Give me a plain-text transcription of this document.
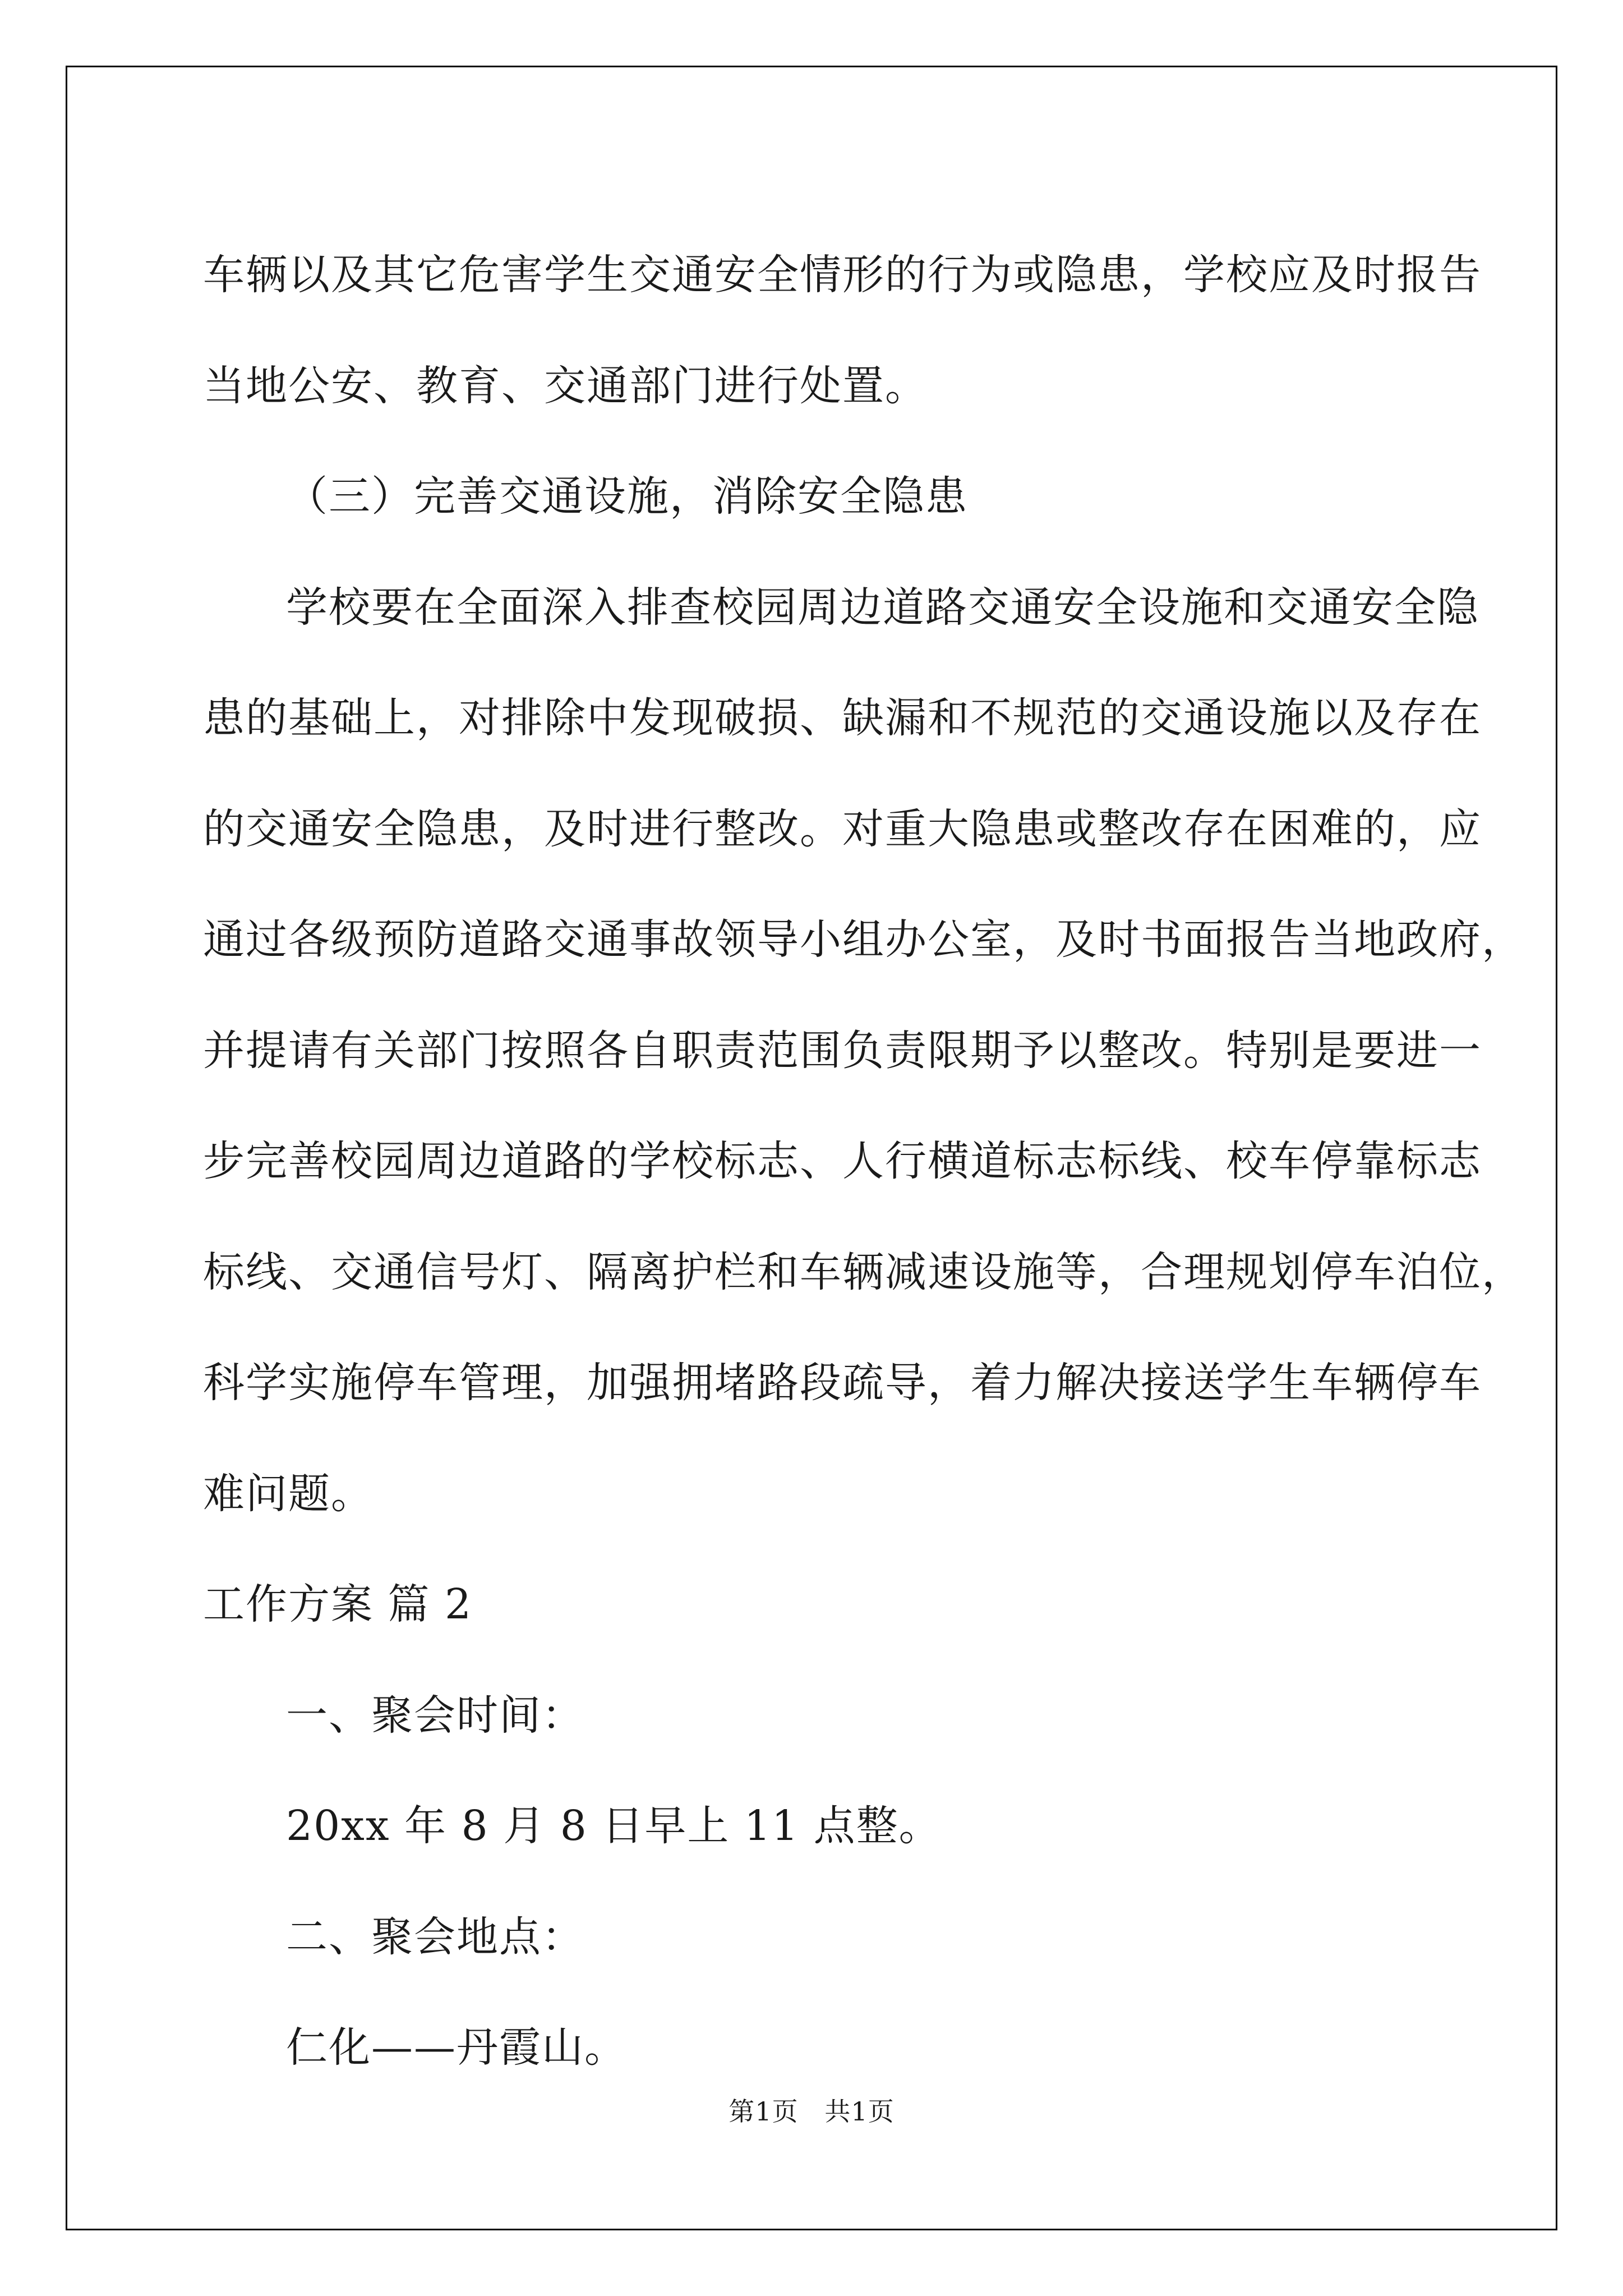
车辆以及其它危害学生交通安全情形的行为或隐患，学校应及时报告
当地公安、教育、交通部门进行处置。
（三）完善交通设施，消除安全隐患
学校要在全面深入排查校园周边道路交通安全设施和交通安全隐
患的基础上，对排除中发现破损、缺漏和不规范的交通设施以及存在
的交通安全隐患，及时进行整改。对重大隐患或整改存在困难的，应
通过各级预防道路交通事故领导小组办公室，及时书面报告当地政府，
并提请有关部门按照各自职责范围负责限期予以整改。特别是要进一
步完善校园周边道路的学校标志、人行横道标志标线、校车停靠标志
标线、交通信号灯、隔离护栏和车辆减速设施等，合理规划停车泊位，
科学实施停车管理，加强拥堵路段疏导，着力解决接送学生车辆停车
难问题。
工作方案 篇 2
一、聚会时间：
20xx 年 8 月 8 日早上 11 点整。
二、聚会地点：
仁化——丹霞山。
第1页   共1页
